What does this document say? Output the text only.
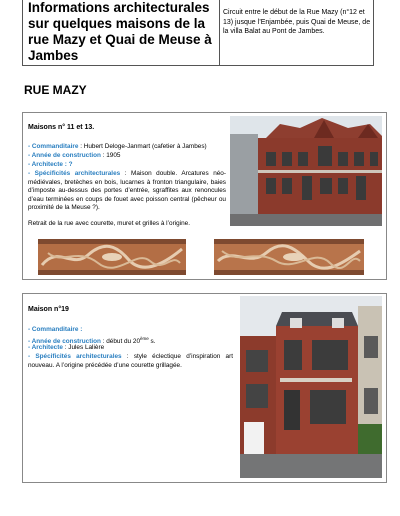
Informations architecturales sur quelques maisons de la rue Mazy et Quai de Meuse à Jambes
Circuit entre le début de la Rue Mazy (n°12 et 13) jusque l’Enjambée, puis Quai de Meuse, de la villa Balat au Pont de Jambes.
RUE MAZY
Maisons n° 11 et 13.
- Commanditaire : Hubert Deloge-Janmart (cafetier à Jambes)
- Année de construction : 1905
- Architecte : ?
- Spécificités architecturales : Maison double. Arcatures néo-médiévales, bretèches en bois, lucarnes à fronton triangulaire, baies d’imposte au-dessus des portes d’entrée, sgraffites aux renoncules d’eau terminées en coups de fouet avec poisson central (pêcheur ou proximité de la Meuse ?).
Retrait de la rue avec courette, muret et grilles à l’origine.
Maison n°19
- Commanditaire :
- Année de construction : début du 20ème s.
- Architecte : Jules Lalière
- Spécificités architecturales : style éclectique d’inspiration art nouveau. A l’origine précédée d’une courette grillagée.
